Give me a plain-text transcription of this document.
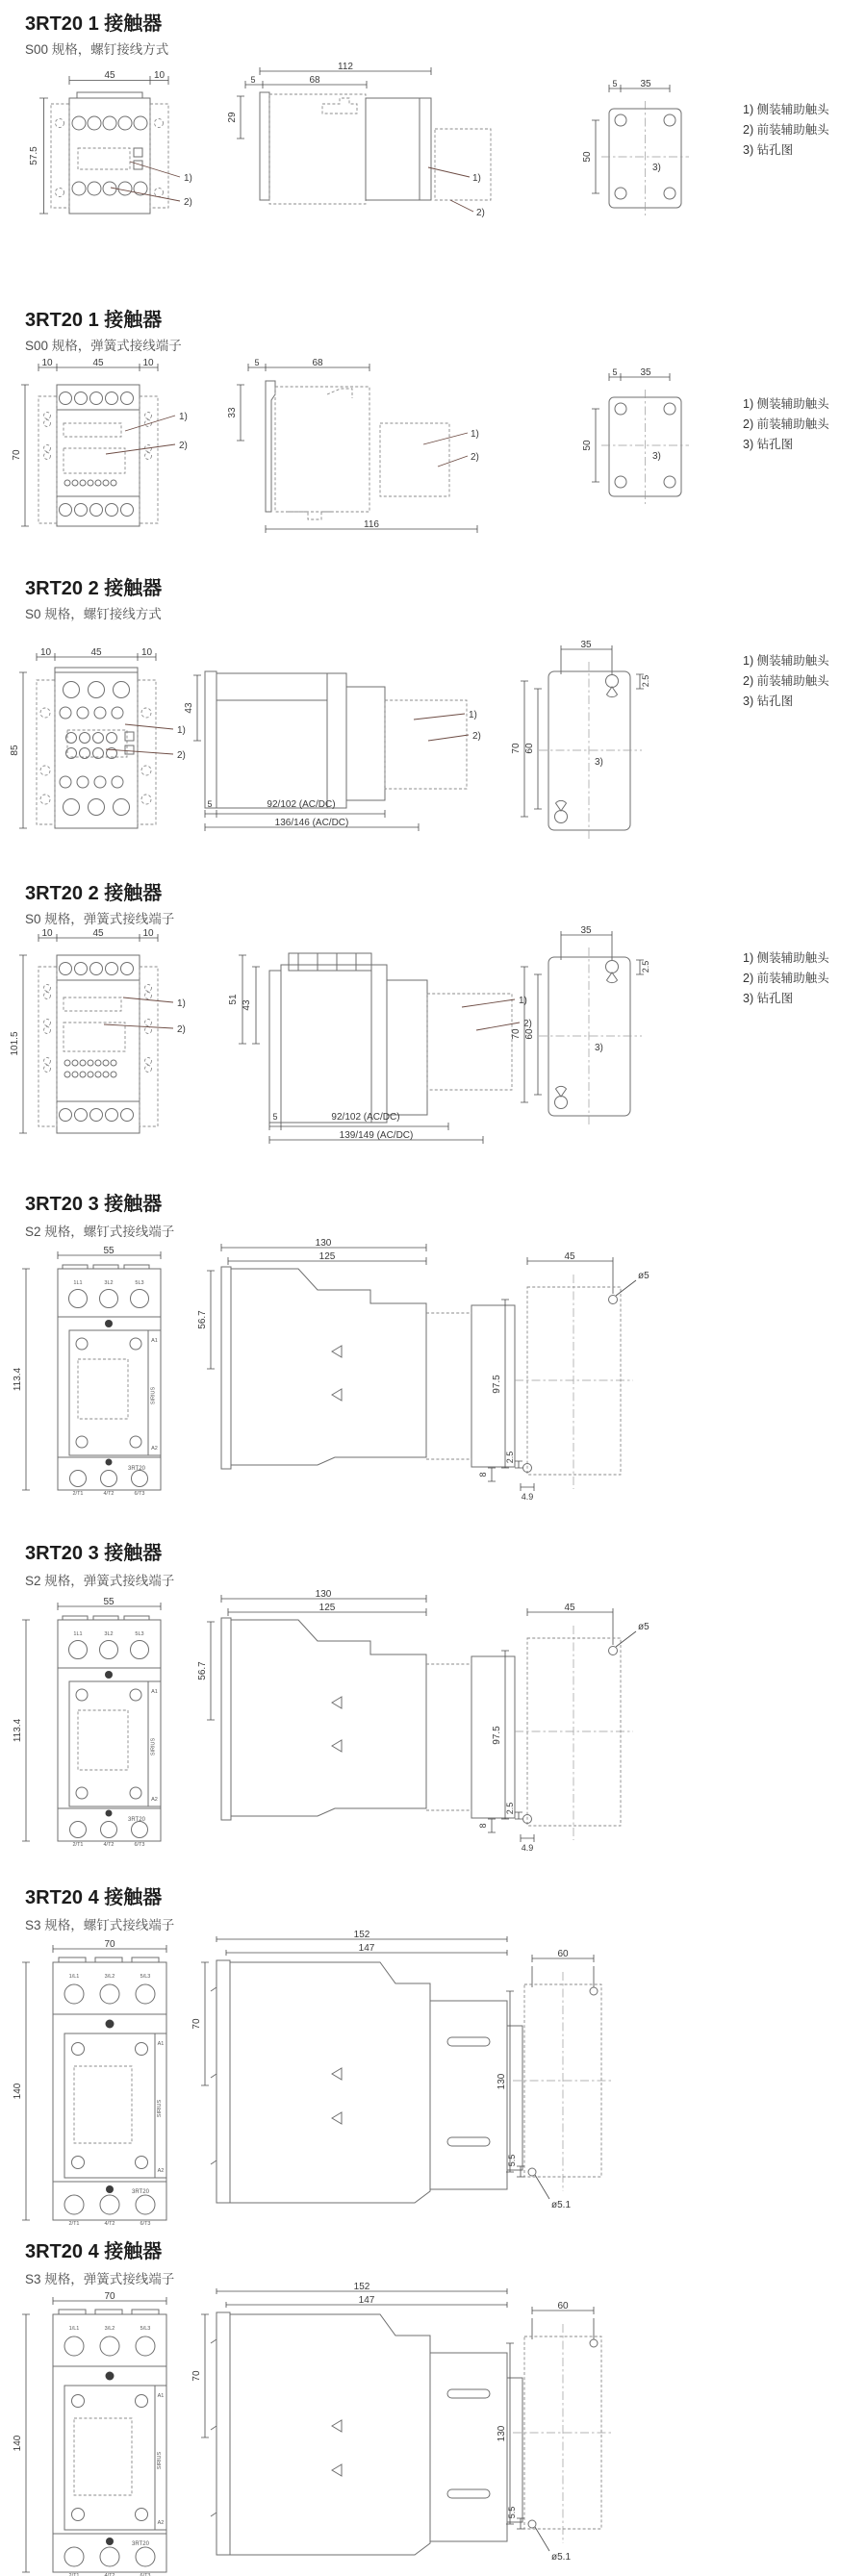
3RT20 1 接触器

S00 规格，螺钉接线方式

45	10
57.5
1)
2)
112
68
5
29
1)
2)
5 35
50
3)
1) 侧装辅助触头
2) 前装辅助触头
3) 钻孔图
3RT20 1 接触器

S00 规格，弹簧式接线端子

10	45	10
70
1)
2)
5	68
33
1)
2)
116
5 35
50
3)
1) 侧装辅助触头
2) 前装辅助触头
3) 钻孔图
3RT20 2 接触器

S0 规格，螺钉接线方式

10	45	10
85
1)
2)
43
1)
2)
5	92/102 (AC/DC)
136/146 (AC/DC)
35
2.5
70 60
3)
1) 侧装辅助触头
2) 前装辅助触头
3) 钻孔图
3RT20 2 接触器

S0 规格，弹簧式接线端子

10	45	10
101.5
1)
2)
51
43	1)
2)
5	92/102 (AC/DC)
139/149 (AC/DC)
35
2.5
70 60
3)
1) 侧装辅助触头
2) 前装辅助触头
3) 钻孔图
3RT20 3 接触器

S2 规格，螺钉式接线端子

55
113.4
1L1	3L2	5L3
A1
A2
SIRIUS
3RT20
2/T1	4/T2	6/T3
130
125
56.7
45
ø5
97.5
2.5
8
4.9
3RT20 3 接触器

S2 规格，弹簧式接线端子

55
113.4
1L1	3L2	5L3
A1
A2
SIRIUS
3RT20
2/T1	4/T2	6/T3
130
125
56.7
45
ø5
97.5
2.5
8
4.9
3RT20 4 接触器

S3 规格，螺钉式接线端子

70
140
1/L1	3/L2	5/L3
A1
A2
SIRIUS
3RT20
2/T1	4/T2	6/T3
152
147
70
60
130
5.5
ø5.1
3RT20 4 接触器

S3 规格，弹簧式接线端子

70
140
1/L1	3/L2	5/L3
A1
A2
SIRIUS
3RT20
2/T1	4/T2	6/T3
152
147
70
60
130
5.5
ø5.1
